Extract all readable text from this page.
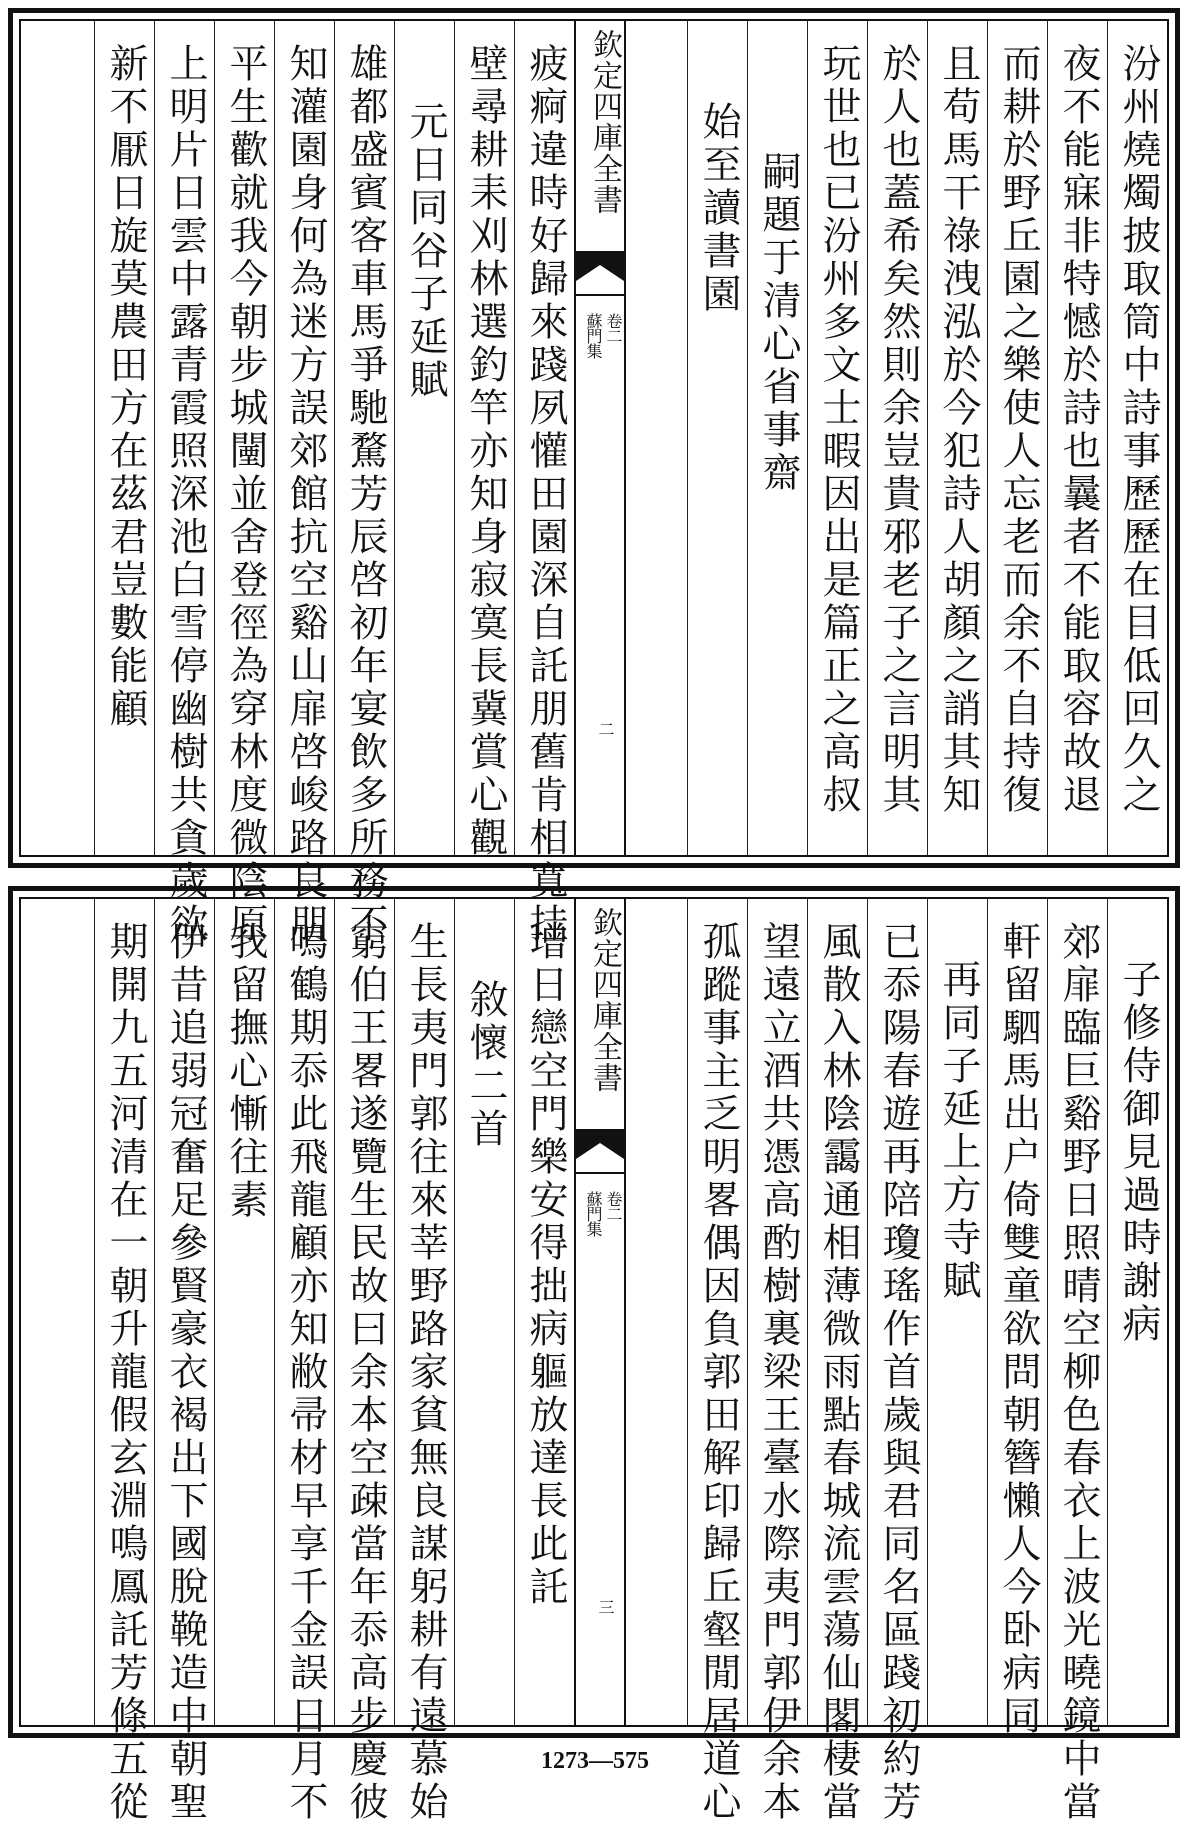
汾州燒燭披取筒中詩事歷歷在目低回久之
夜不能寐非特憾於詩也曩者不能取容故退
而耕於野丘園之樂使人忘老而余不自持復
且苟馬干祿洩泓於今犯詩人胡顏之誚其知
於人也蓋希矣然則余豈貴邪老子之言明其
玩世也已汾州多文士暇因出是篇正之高叔
嗣題于清心省事齋
始至讀書園
欽定四庫全書
蘇門集 卷二
二
疲痾違時好歸來踐夙懽田園深自託朋舊肯相寬挂
壁尋耕耒刈林選釣竿亦知身寂寞長冀賞心觀
元日同谷子延賦
雄都盛賓客車馬爭馳騖芳辰啓初年宴飲多所務不
知灌園身何為迷方誤郊館抗空谿山扉啓峻路良朋
平生歡就我今朝步城闉並舍登徑為穿林度微陰原
上明片日雲中露青霞照深池白雪停幽樹共貪歲欲
新不厭日旋莫農田方在茲君豈數能顧
子修侍御見過時謝病
郊扉臨巨谿野日照晴空柳色春衣上波光曉鏡中當
軒留駟馬出户倚雙童欲問朝簪懶人今卧病同
再同子延上方寺賦
已忝陽春遊再陪瓊瑤作首歲與君同名區踐初約芳
風散入林陰靄通相薄微雨點春城流雲蕩仙閣棲當
望遠立酒共憑高酌樹裏梁王臺水際夷門郭伊余本
孤蹤事主乏明畧偶因負郭田解印歸丘壑閒居道心
欽定四庫全書
蘇門集 卷二
三
增日戀空門樂安得拙病軀放達長此託
敘懷二首
生長夷門郭往來莘野路家貧無良謀躬耕有遠慕始
窮伯王畧遂覽生民故曰余本空疎當年忝高步慶彼
鳴鶴期忝此飛龍顧亦知敝帚材早享千金誤日月不
我留撫心慚往素
伊昔追弱冠奮足參賢豪衣褐出下國脫鞔造中朝聖
期開九五河清在一朝升龍假玄淵鳴鳳託芳條五從	1273—575
